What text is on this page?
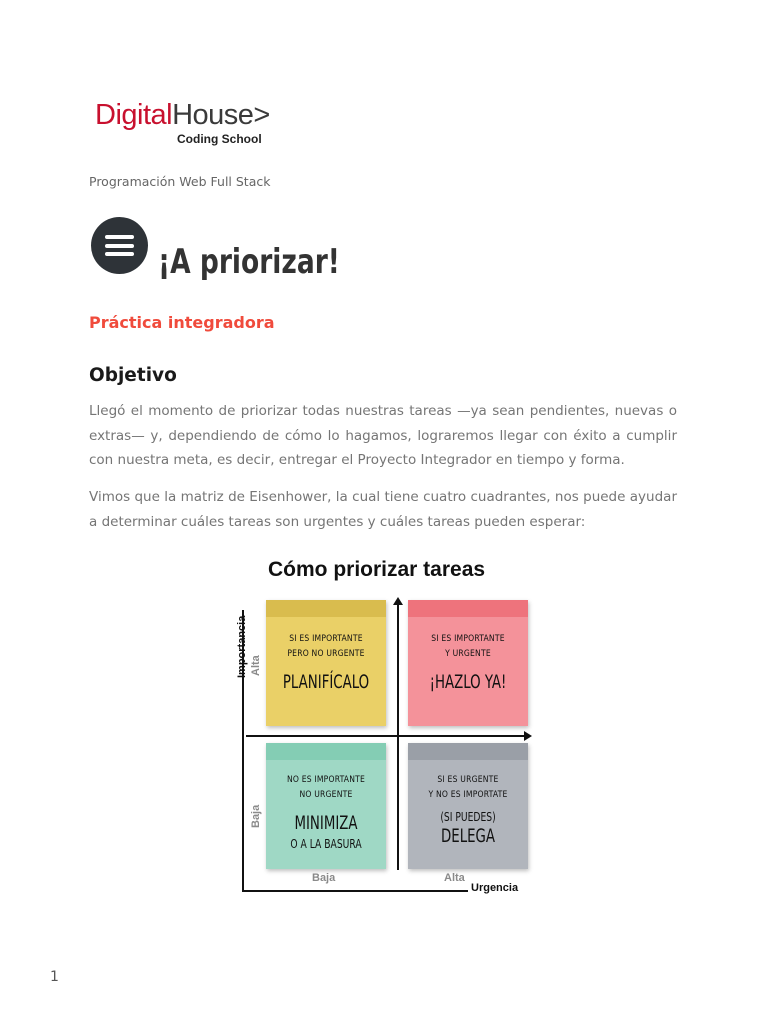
DigitalHouse>
Coding School
Programación Web Full Stack
¡A priorizar!
Práctica integradora
Objetivo
Llegó el momento de priorizar todas nuestras tareas —ya sean pendientes, nuevas o extras— y, dependiendo de cómo lo hagamos, lograremos llegar con éxito a cumplir con nuestra meta, es decir, entregar el Proyecto Integrador en tiempo y forma.
Vimos que la matriz de Eisenhower, la cual tiene cuatro cuadrantes, nos puede ayudar a determinar cuáles tareas son urgentes y cuáles tareas pueden esperar:
Cómo priorizar tareas
Importancia Alta
Baja
Baja	Alta
Urgencia
SI ES IMPORTANTE
PERO NO URGENTE
PLANIFÍCALO
SI ES IMPORTANTE
Y URGENTE
¡HAZLO YA!
NO ES IMPORTANTE
NO URGENTE
MINIMIZA
O A LA BASURA
SI ES URGENTE
Y NO ES IMPORTATE
(SI PUEDES)
DELEGA
1
